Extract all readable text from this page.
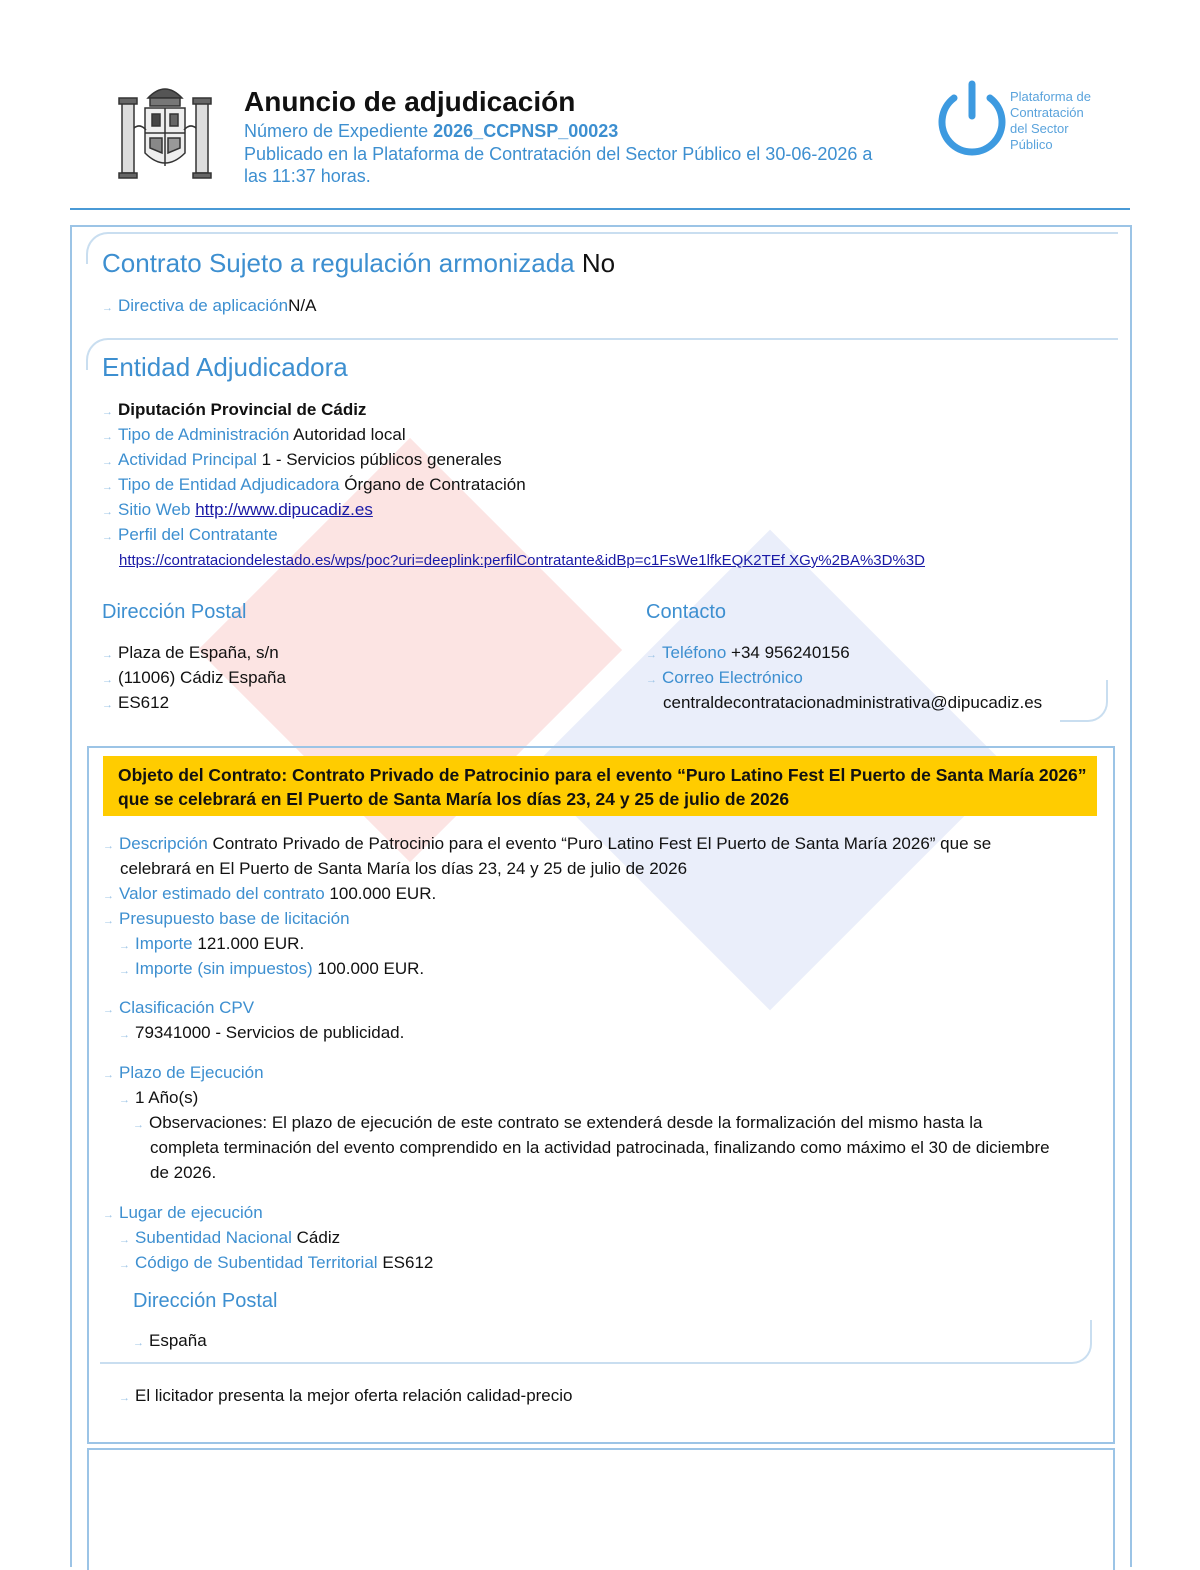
Anuncio de adjudicación
Número de Expediente 2026_CCPNSP_00023
Publicado en la Plataforma de Contratación del Sector Público el 30-06-2026 a
las 11:37 horas.
Plataforma de
Contratación
del Sector
Público
Contrato Sujeto a regulación armonizada No
→ Directiva de aplicaciónN/A
Entidad Adjudicadora
→ Diputación Provincial de Cádiz
→ Tipo de Administración Autoridad local
→ Actividad Principal 1 - Servicios públicos generales
→ Tipo de Entidad Adjudicadora Órgano de Contratación
→ Sitio Web http://www.dipucadiz.es
→ Perfil del Contratante
https://contrataciondelestado.es/wps/poc?uri=deeplink:perfilContratante&idBp=c1FsWe1lfkEQK2TEf XGy%2BA%3D%3D
Dirección Postal
→ Plaza de España, s/n
→ (11006) Cádiz España
→ ES612
Contacto
→ Teléfono +34 956240156
→ Correo Electrónico
centraldecontratacionadministrativa@dipucadiz.es
Objeto del Contrato: Contrato Privado de Patrocinio para el evento “Puro Latino Fest El Puerto de Santa María 2026” que se celebrará en El Puerto de Santa María los días 23, 24 y 25 de julio de 2026
→ Descripción Contrato Privado de Patrocinio para el evento “Puro Latino Fest El Puerto de Santa María 2026” que se
celebrará en El Puerto de Santa María los días 23, 24 y 25 de julio de 2026
→ Valor estimado del contrato 100.000 EUR.
→ Presupuesto base de licitación
→ Importe 121.000 EUR.
→ Importe (sin impuestos) 100.000 EUR.
→ Clasificación CPV
→ 79341000 - Servicios de publicidad.
→ Plazo de Ejecución
→ 1 Año(s)
→ Observaciones: El plazo de ejecución de este contrato se extenderá desde la formalización del mismo hasta la
completa terminación del evento comprendido en la actividad patrocinada, finalizando como máximo el 30 de diciembre
de 2026.
→ Lugar de ejecución
→ Subentidad Nacional Cádiz
→ Código de Subentidad Territorial ES612
Dirección Postal
→ España
→ El licitador presenta la mejor oferta relación calidad-precio
